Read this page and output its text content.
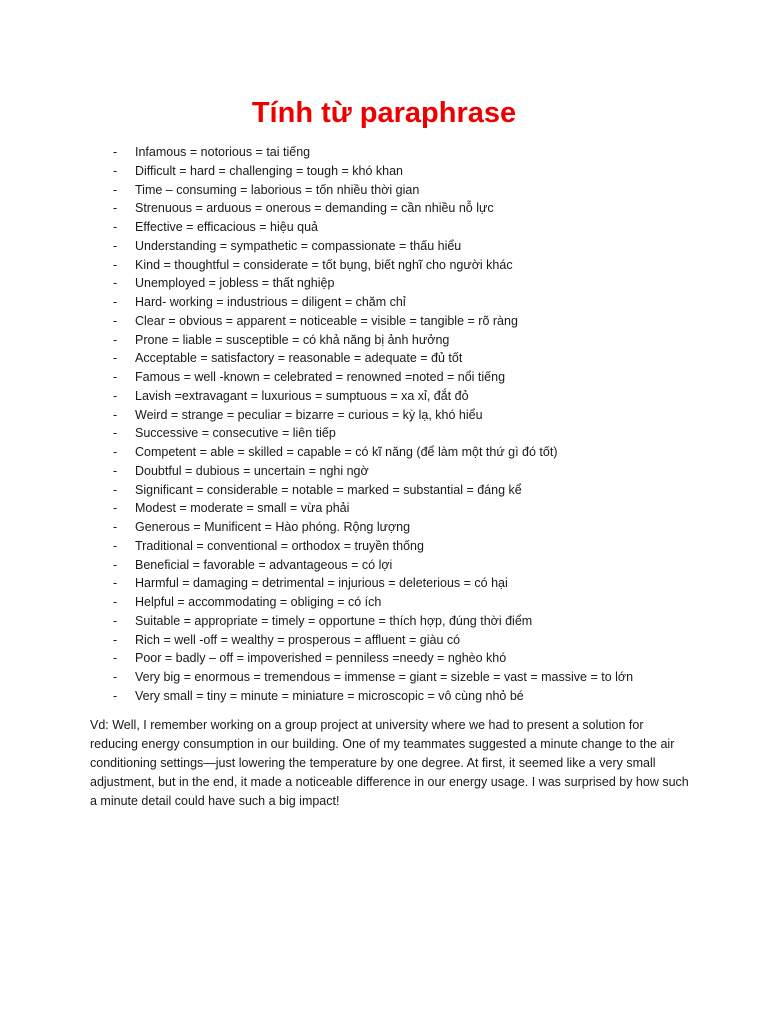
Tính từ paraphrase
- Infamous = notorious = tai tiếng
- Difficult = hard = challenging = tough = khó khan
- Time – consuming = laborious = tốn nhiều thời gian
- Strenuous = arduous = onerous = demanding = cần nhiều nỗ lực
- Effective = efficacious = hiệu quả
- Understanding = sympathetic = compassionate = thấu hiểu
- Kind = thoughtful = considerate = tốt bụng, biết nghĩ cho người khác
- Unemployed = jobless = thất nghiệp
- Hard- working = industrious = diligent = chăm chỉ
- Clear = obvious = apparent = noticeable = visible = tangible = rõ ràng
- Prone = liable = susceptible = có khả năng bị ảnh hưởng
- Acceptable = satisfactory = reasonable = adequate = đủ tốt
- Famous = well -known = celebrated = renowned =noted = nổi tiếng
- Lavish =extravagant = luxurious = sumptuous = xa xỉ, đắt đỏ
- Weird = strange = peculiar = bizarre = curious = kỳ lạ, khó hiểu
- Successive = consecutive = liên tiếp
- Competent = able = skilled = capable = có kĩ năng (để làm một thứ gì đó tốt)
- Doubtful = dubious = uncertain = nghi ngờ
- Significant = considerable = notable = marked = substantial = đáng kể
- Modest = moderate = small = vừa phải
- Generous = Munificent = Hào phóng. Rộng lượng
- Traditional = conventional = orthodox = truyền thống
- Beneficial = favorable = advantageous = có lợi
- Harmful = damaging = detrimental = injurious = deleterious = có hại
- Helpful = accommodating = obliging = có ích
- Suitable = appropriate = timely = opportune = thích hợp, đúng thời điểm
- Rich = well -off = wealthy = prosperous = affluent = giàu có
- Poor = badly – off = impoverished = penniless =needy = nghèo khó
- Very big = enormous = tremendous = immense = giant = sizeble = vast = massive = to lớn
- Very small = tiny = minute = miniature = microscopic = vô cùng nhỏ bé

Vd: Well, I remember working on a group project at university where we had to present a solution for reducing energy consumption in our building. One of my teammates suggested a minute change to the air conditioning settings—just lowering the temperature by one degree. At first, it seemed like a very small adjustment, but in the end, it made a noticeable difference in our energy usage. I was surprised by how such a minute detail could have such a big impact!
